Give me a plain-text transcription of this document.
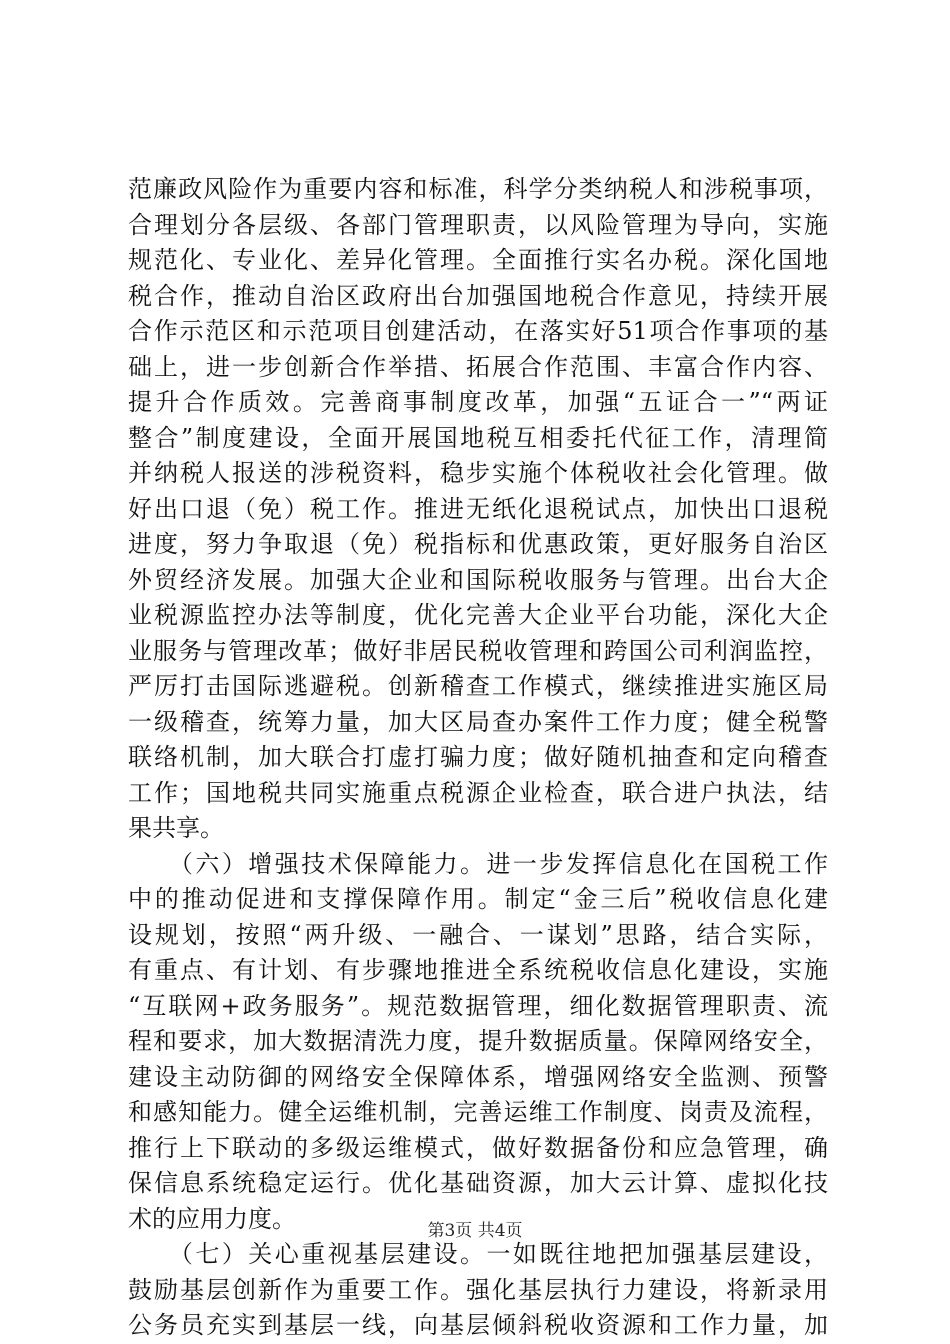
范廉政风险作为重要内容和标准，科学分类纳税人和涉税事项，
合理划分各层级、各部门管理职责，以风险管理为导向，实施
规范化、专业化、差异化管理。全面推行实名办税。深化国地
税合作，推动自治区政府出台加强国地税合作意见，持续开展
合作示范区和示范项目创建活动，在落实好51项合作事项的基
础上，进一步创新合作举措、拓展合作范围、丰富合作内容、
提升合作质效。完善商事制度改革，加强“五证合一”“两证
整合”制度建设，全面开展国地税互相委托代征工作，清理简
并纳税人报送的涉税资料，稳步实施个体税收社会化管理。做
好出口退（免）税工作。推进无纸化退税试点，加快出口退税
进度，努力争取退（免）税指标和优惠政策，更好服务自治区
外贸经济发展。加强大企业和国际税收服务与管理。出台大企
业税源监控办法等制度，优化完善大企业平台功能，深化大企
业服务与管理改革；做好非居民税收管理和跨国公司利润监控，
严厉打击国际逃避税。创新稽查工作模式，继续推进实施区局
一级稽查，统筹力量，加大区局查办案件工作力度；健全税警
联络机制，加大联合打虚打骗力度；做好随机抽查和定向稽查
工作；国地税共同实施重点税源企业检查，联合进户执法，结
果共享。
　　（六）增强技术保障能力。进一步发挥信息化在国税工作
中的推动促进和支撑保障作用。制定“金三后”税收信息化建
设规划，按照“两升级、一融合、一谋划”思路，结合实际，
有重点、有计划、有步骤地推进全系统税收信息化建设，实施
“互联网+政务服务”。规范数据管理，细化数据管理职责、流
程和要求，加大数据清洗力度，提升数据质量。保障网络安全，
建设主动防御的网络安全保障体系，增强网络安全监测、预警
和感知能力。健全运维机制，完善运维工作制度、岗责及流程，
推行上下联动的多级运维模式，做好数据备份和应急管理，确
保信息系统稳定运行。优化基础资源，加大云计算、虚拟化技
术的应用力度。
　　（七）关心重视基层建设。一如既往地把加强基层建设，
鼓励基层创新作为重要工作。强化基层执行力建设，将新录用
公务员充实到基层一线，向基层倾斜税收资源和工作力量，加
第3页 共4页
